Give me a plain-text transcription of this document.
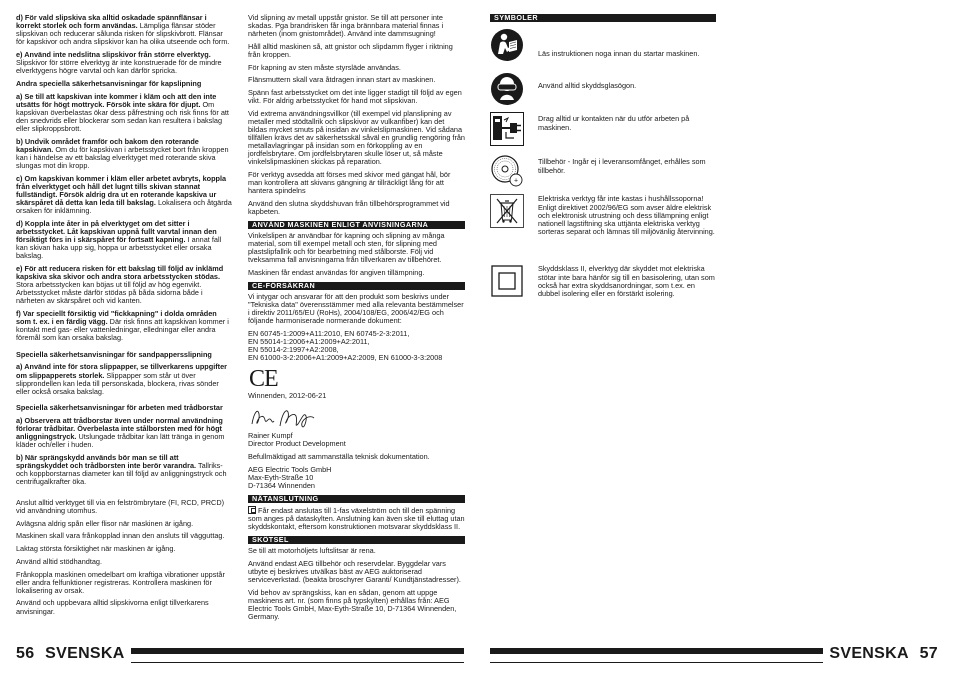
d) För vald slipskiva ska alltid oskadade spännflänsar i korrekt storlek och form användas. Lämpliga flänsar stöder slipskivan och reducerar sålunda risken för slipskivbrott. Flänsar för kapskivor och andra slipskivor kan ha olika utseende och form.
e) Använd inte nedslitna slipskivor från större elverktyg. Slipskivor för större elverktyg är inte konstruerade för de mindre elverktygens högre varvtal och kan därför spricka.
Andra speciella säkerhetsanvisningar för kapslipning
a) Se till att kapskivan inte kommer i kläm och att den inte utsätts för högt mottryck. Försök inte skära för djupt. Om kapskivan överbelastas ökar dess påfrestning och risk finns för att den snedvrids eller blockerar som sedan kan resultera i bakslag eller slipkroppsbrott.
b) Undvik området framför och bakom den roterande kapskivan. Om du för kapskivan i arbetsstycket bort från kroppen kan i händelse av ett bakslag elverktyget med roterande skiva slungas mot din kropp.
c) Om kapskivan kommer i kläm eller arbetet avbryts, koppla från elverktyget och håll det lugnt tills skivan stannat fullständigt. Försök aldrig dra ut en roterande kapskiva ur skärspåret då detta kan leda till bakslag. Lokalisera och åtgärda orsaken för inklämning.
d) Koppla inte åter in på elverktyget om det sitter i arbetsstycket. Låt kapskivan uppnå fullt varvtal innan den försiktigt förs in i skärspåret för fortsatt kapning. I annat fall kan skivan haka upp sig, hoppa ur arbetsstycket eller orsaka bakslag.
e) För att reducera risken för ett bakslag till följd av inklämd kapskiva ska skivor och andra stora arbetsstycken stödas. Stora arbetsstycken kan böjas ut till följd av hög egenvikt. Arbetsstycket måste därför stödas på båda sidorna både i närheten av skärspåret och vid kanten.
f) Var speciellt försiktig vid "fickkapning" i dolda områden som t. ex. i en färdig vägg. Där risk finns att kapskivan kommer i kontakt med gas- eller vattenledningar, elledningar eller andra föremål som kan orsaka bakslag.
Speciella säkerhetsanvisningar för sandpappersslipning
a) Använd inte för stora slippapper, se tillverkarens uppgifter om slippapperets storlek. Slippapper som står ut över slipprondellen kan leda till personskada, blockera, rivas sönder eller också orsaka bakslag.
Speciella säkerhetsanvisningar för arbeten med trådborstar
a) Observera att trådborstar även under normal användning förlorar trådbitar. Överbelasta inte stålborsten med för högt anliggningstryck. Utslungade trådbitar kan lätt tränga in genom kläder och/eller i huden.
b) När sprängskydd används bör man se till att sprängskyddet och trådborsten inte berör varandra. Tallriks- och koppborstarnas diameter kan till följd av anliggningstryck och centrifugalkrafter öka.
Anslut alltid verktyget till via en felströmbrytare (FI, RCD, PRCD) vid användning utomhus.
Avlägsna aldrig spån eller flisor när maskinen är igång.
Maskinen skall vara frånkopplad innan den ansluts till vägguttag.
Laktag största försiktighet när maskinen är igång.
Använd alltid stödhandtag.
Frånkoppla maskinen omedelbart om kraftiga vibrationer uppstår eller andra felfunktioner registreras. Kontrollera maskinen för lokalisering av orsak.
Använd och uppbevara alltid slipskivorna enligt tillverkarens anvisningar.
Vid slipning av metall uppstår gnistor. Se till att personer inte skadas. Pga brandrisken får inga brännbara material finnas i närheten (inom gnistområdet). Använd inte dammsugning!
Håll alltid maskinen så, att gnistor och slipdamm flyger i riktning från kroppen.
För kapning av sten måste styrslädе användas.
Flänsmuttern skall vara åtdragen innan start av maskinen.
Spänn fast arbetsstycket om det inte ligger stadigt till följd av egen vikt. För aldrig arbetsstycket för hand mot slipskivan.
Vid extrema användningsvillkor (till exempel vid planslipning av metaller med stödtallrik och slipskivor av vulkanfiber) kan det bildas mycket smuts på insidan av vinkelslipmaskinen. Vid sådana tillfällen krävs det av säkerhetsskäl såväl en grundlig rengöring från metallavlagringar på insidan som en förkoppling av en jordfelsbrytare. Om jordfelsbrytaren skulle löser ut, så måste vinkelslipmaskinen skickas på reparation.
För verktyg avsedda att förses med skivor med gängat hål, bör man kontrollera att skivans gängning är tillräckligt lång för att hantera spindelns
Använd den slutna skyddshuvan från tillbehörsprogrammet vid kapbeten.
ANVÄND MASKINEN ENLIGT ANVISNINGARNA
Vinkelslipen är användbar för kapning och slipning av många material, som till exempel metall och sten, för slipning med plastslipfallrik och för bearbetning med stålborste. Följ vid tveksamma fall anvisningarna från tillverkaren av tillbehöret.
Maskinen får endast användas för angiven tillämpning.
CE-FÖRSÄKRAN
Vi intygar och ansvarar för att den produkt som beskrivs under "Tekniska data" överensstämmer med alla relevanta bestämmelser i direktiv 2011/65/EU (RoHs), 2004/108/EG, 2006/42/EG och följande harmoniserade normerande dokument:
EN 60745-1:2009+A11:2010, EN 60745-2-3:2011,
EN 55014-1:2006+A1:2009+A2:2011,
EN 55014-2:1997+A2:2008,
EN 61000-3-2:2006+A1:2009+A2:2009, EN 61000-3-3:2008
CE
Winnenden, 2012-06-21
Rainer Kumpf
Director Product Development
Befullmäktigad att sammanställa teknisk dokumentation.
AEG Electric Tools GmbH
Max-Eyth-Straße 10
D-71364 Winnenden
NÄTANSLUTNING
Får endast anslutas till 1-fas växelström och till den spänning som anges på dataskylten. Anslutning kan även ske till eluttag utan skyddskontakt, eftersom konstruktionen motsvarar skyddsklass II.
SKÖTSEL
Se till att motorhöljets luftslitsar är rena.
Använd endast AEG tillbehör och reservdelar. Byggdelar vars utbyte ej beskrives utvälkas bäst av AEG auktoriserad serviceverkstad. (beakta broschyrer Garanti/ Kundtjänstadresser).
Vid behov av sprängskiss, kan en sådan, genom att uppge maskinens art. nr. (som finns på typskylten) erhållas från: AEG Electric Tools GmbH, Max-Eyth-Straße 10, D-71364 Winnenden, Germany.
SYMBOLER
Läs instruktionen noga innan du startar maskinen.
Använd alltid skyddsglasögon.
Drag alltid ur kontakten när du utför arbeten på maskinen.
+
Tillbehör - Ingår ej i leveransomfånget, erhålles som tillbehör.
Elektriska verktyg får inte kastas i hushållssoporna! Enligt direktivet 2002/96/EG som avser äldre elektrisk och elektronisk utrustning och dess tillämpning enligt nationell lagstiftning ska uttjänta elektriska verktyg sorteras separat och lämnas till miljövänlig återvinning.
Skyddsklass II, elverktyg där skyddet mot elektriska stötar inte bara hänför sig till en basisolering, utan som också har extra skyddsanordningar, som t.ex. en dubbel isolering eller en förstärkt isolering.
56 SVENSKA	SVENSKA 57
